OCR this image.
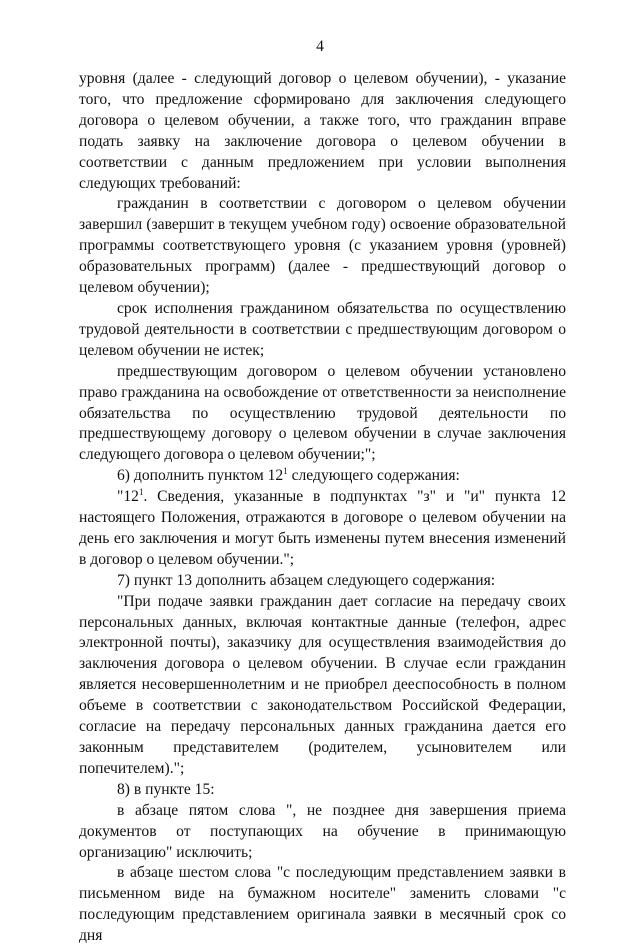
4

уровня (далее - следующий договор о целевом обучении), - указание того, что предложение сформировано для заключения следующего договора о целевом обучении, а также того, что гражданин вправе подать заявку на заключение договора о целевом обучении в соответствии с данным предложением при условии выполнения следующих требований:

гражданин в соответствии с договором о целевом обучении завершил (завершит в текущем учебном году) освоение образовательной программы соответствующего уровня (с указанием уровня (уровней) образовательных программ) (далее - предшествующий договор о целевом обучении);

срок исполнения гражданином обязательства по осуществлению трудовой деятельности в соответствии с предшествующим договором о целевом обучении не истек;

предшествующим договором о целевом обучении установлено право гражданина на освобождение от ответственности за неисполнение обязательства по осуществлению трудовой деятельности по предшествующему договору о целевом обучении в случае заключения следующего договора о целевом обучении;";

6) дополнить пунктом $12^1$ следующего содержания:

"$12^1$. Сведения, указанные в подпунктах "з" и "и" пункта 12 настоящего Положения, отражаются в договоре о целевом обучении на день его заключения и могут быть изменены путем внесения изменений в договор о целевом обучении.";

7) пункт 13 дополнить абзацем следующего содержания:

"При подаче заявки гражданин дает согласие на передачу своих персональных данных, включая контактные данные (телефон, адрес электронной почты), заказчику для осуществления взаимодействия до заключения договора о целевом обучении. В случае если гражданин является несовершеннолетним и не приобрел дееспособность в полном объеме в соответствии с законодательством Российской Федерации, согласие на передачу персональных данных гражданина дается его законным представителем (родителем, усыновителем или попечителем).";

8) в пункте 15:

в абзаце пятом слова ", не позднее дня завершения приема документов от поступающих на обучение в принимающую организацию" исключить;

в абзаце шестом слова "с последующим представлением заявки в письменном виде на бумажном носителе" заменить словами "с последующим представлением оригинала заявки в месячный срок со дня
